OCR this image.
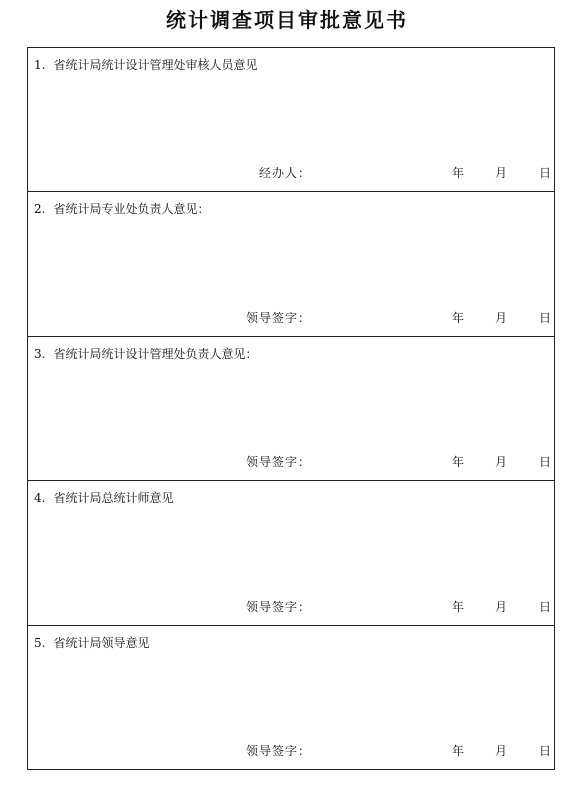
统计调查项目审批意见书
1. 省统计局统计设计管理处审核人员意见
经办人：	年	月	日
2. 省统计局专业处负责人意见：
领导签字：	年	月	日
3. 省统计局统计设计管理处负责人意见：
领导签字：	年	月	日
4. 省统计局总统计师意见
领导签字：	年	月	日
5. 省统计局领导意见
领导签字：	年	月	日
